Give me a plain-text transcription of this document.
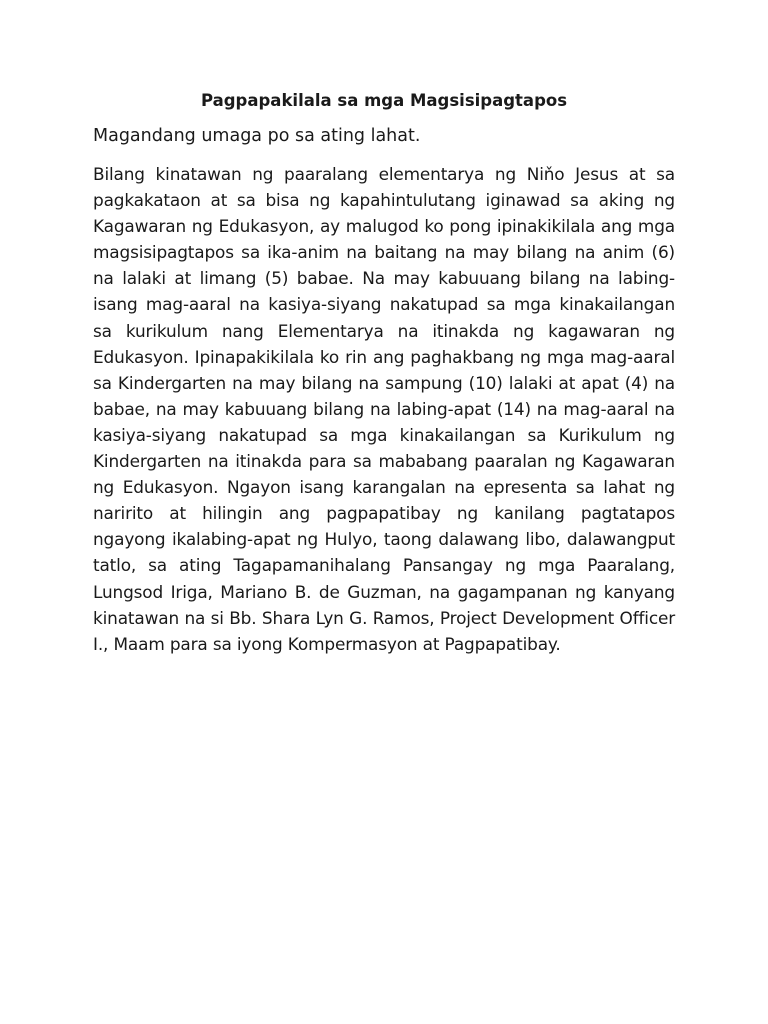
Pagpapakilala sa mga Magsisipagtapos

Magandang umaga po sa ating lahat.

Bilang kinatawan ng paaralang elementarya ng Niňo Jesus at sa pagkakataon at sa bisa ng kapahintulutang iginawad sa aking ng Kagawaran ng Edukasyon, ay malugod ko pong ipinakikilala ang mga magsisipagtapos sa ika-anim na baitang na may bilang na anim (6) na lalaki at limang (5) babae. Na may kabuuang bilang na labing-isang mag-aaral na kasiya-siyang nakatupad sa mga kinakailangan sa kurikulum nang Elementarya na itinakda ng kagawaran ng Edukasyon. Ipinapakikilala ko rin ang paghakbang ng mga mag-aaral sa Kindergarten na may bilang na sampung (10) lalaki at apat (4) na babae, na may kabuuang bilang na labing-apat (14) na mag-aaral na kasiya-siyang nakatupad sa mga kinakailangan sa Kurikulum ng Kindergarten na itinakda para sa mababang paaralan ng Kagawaran ng Edukasyon. Ngayon isang karangalan na epresenta sa lahat ng naririto at hilingin ang pagpapatibay ng kanilang pagtatapos ngayong ikalabing-apat ng Hulyo, taong dalawang libo, dalawangput tatlo, sa ating Tagapamanihalang Pansangay ng mga Paaralang, Lungsod Iriga, Mariano B. de Guzman, na gagampanan ng kanyang kinatawan na si Bb. Shara Lyn G. Ramos, Project Development Officer I., Maam para sa iyong Kompermasyon at Pagpapatibay.
